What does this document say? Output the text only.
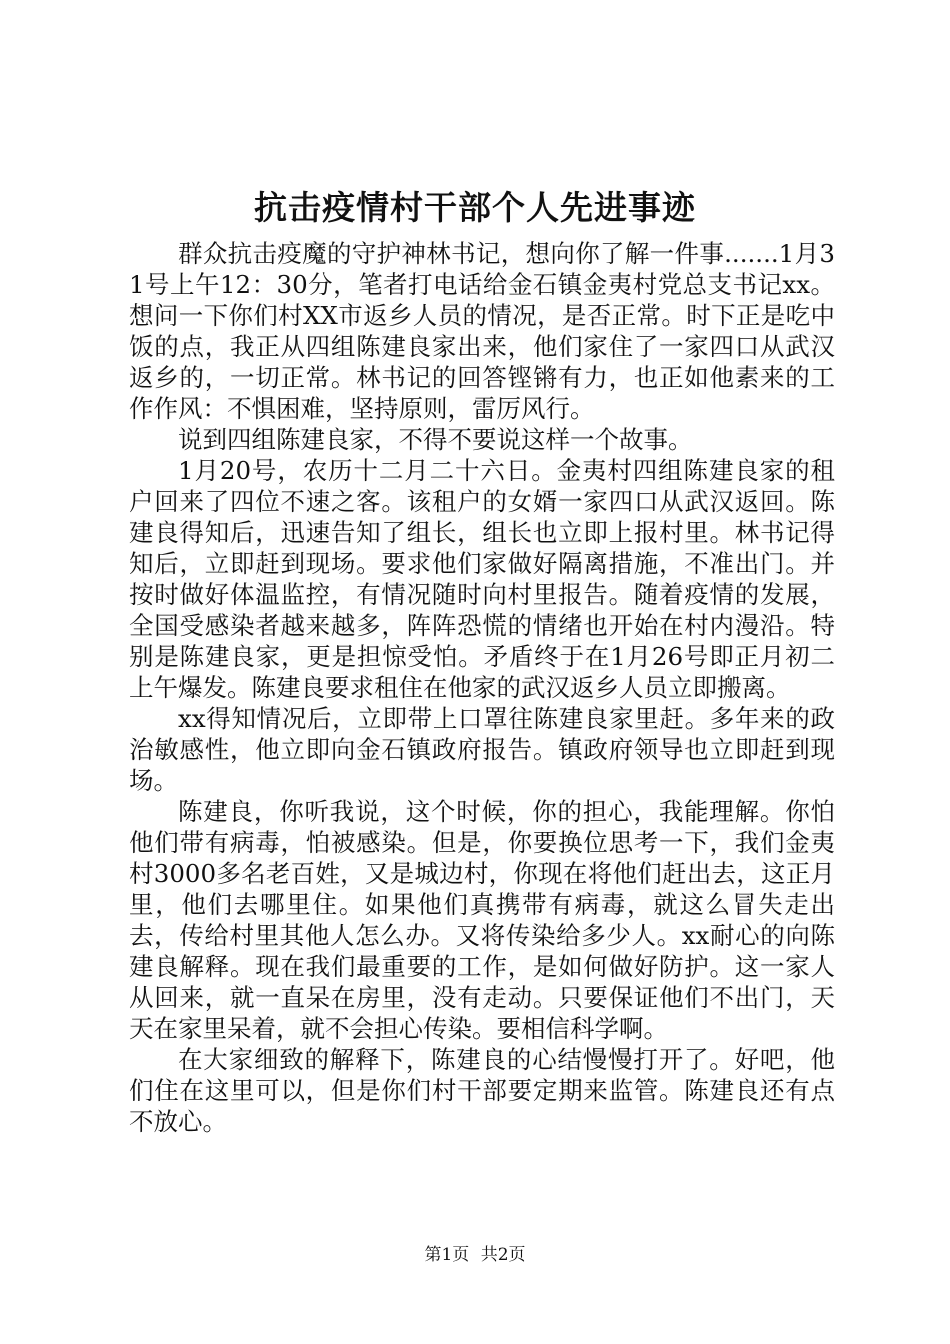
抗击疫情村干部个人先进事迹

群众抗击疫魔的守护神林书记，想向你了解一件事.......1月31号上午12：30分，笔者打电话给金石镇金夷村党总支书记xx。想问一下你们村XX市返乡人员的情况，是否正常。时下正是吃中饭的点，我正从四组陈建良家出来，他们家住了一家四口从武汉返乡的，一切正常。林书记的回答铿锵有力，也正如他素来的工作作风：不惧困难，坚持原则，雷厉风行。

说到四组陈建良家，不得不要说这样一个故事。

1月20号，农历十二月二十六日。金夷村四组陈建良家的租户回来了四位不速之客。该租户的女婿一家四口从武汉返回。陈建良得知后，迅速告知了组长，组长也立即上报村里。林书记得知后，立即赶到现场。要求他们家做好隔离措施，不准出门。并按时做好体温监控，有情况随时向村里报告。随着疫情的发展，全国受感染者越来越多，阵阵恐慌的情绪也开始在村内漫沿。特别是陈建良家，更是担惊受怕。矛盾终于在1月26号即正月初二上午爆发。陈建良要求租住在他家的武汉返乡人员立即搬离。

xx得知情况后，立即带上口罩往陈建良家里赶。多年来的政治敏感性，他立即向金石镇政府报告。镇政府领导也立即赶到现场。

陈建良，你听我说，这个时候，你的担心，我能理解。你怕他们带有病毒，怕被感染。但是，你要换位思考一下，我们金夷村3000多名老百姓，又是城边村，你现在将他们赶出去，这正月里，他们去哪里住。如果他们真携带有病毒，就这么冒失走出去，传给村里其他人怎么办。又将传染给多少人。xx耐心的向陈建良解释。现在我们最重要的工作，是如何做好防护。这一家人从回来，就一直呆在房里，没有走动。只要保证他们不出门，天天在家里呆着，就不会担心传染。要相信科学啊。

在大家细致的解释下，陈建良的心结慢慢打开了。好吧，他们住在这里可以，但是你们村干部要定期来监管。陈建良还有点不放心。

第1页 共2页
